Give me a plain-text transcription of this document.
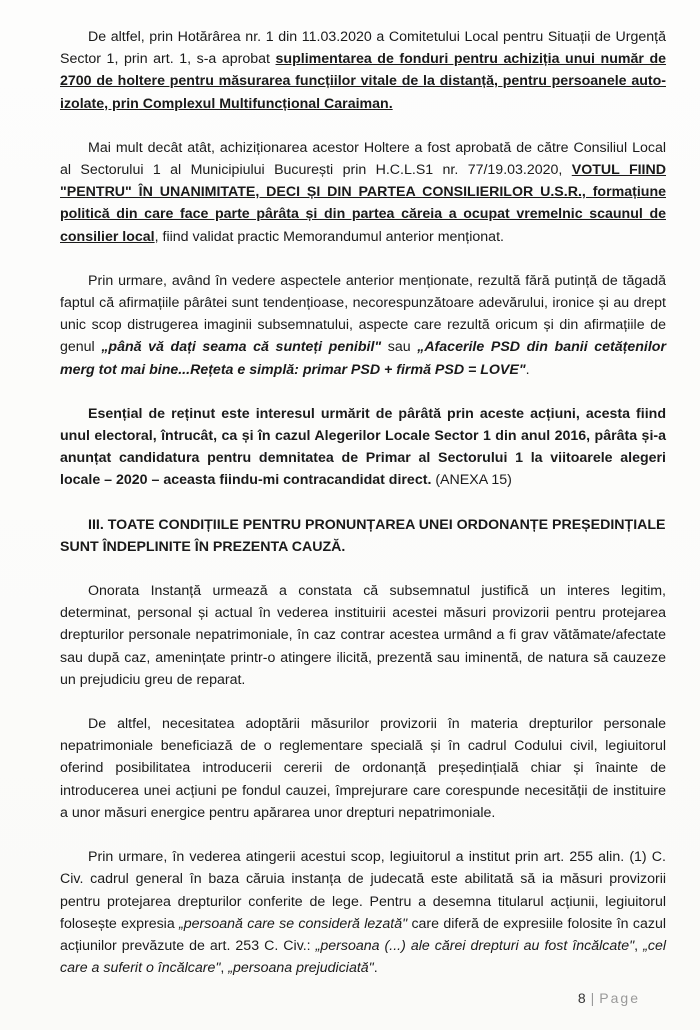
De altfel, prin Hotărârea nr. 1 din 11.03.2020 a Comitetului Local pentru Situații de Urgență Sector 1, prin art. 1, s-a aprobat suplimentarea de fonduri pentru achiziția unui număr de 2700 de holtere pentru măsurarea funcțiilor vitale de la distanță, pentru persoanele auto-izolate, prin Complexul Multifuncțional Caraiman.

Mai mult decât atât, achiziționarea acestor Holtere a fost aprobată de către Consiliul Local al Sectorului 1 al Municipiului București prin H.C.L.S1 nr. 77/19.03.2020, VOTUL FIIND "PENTRU" ÎN UNANIMITATE, DECI ȘI DIN PARTEA CONSILIERILOR U.S.R., formațiune politică din care face parte pârâta și din partea căreia a ocupat vremelnic scaunul de consilier local, fiind validat practic Memorandumul anterior menționat.

Prin urmare, având în vedere aspectele anterior menționate, rezultă fără putință de tăgadă faptul că afirmațiile pârâtei sunt tendențioase, necorespunzătoare adevărului, ironice și au drept unic scop distrugerea imaginii subsemnatului, aspecte care rezultă oricum și din afirmațiile de genul „până vă dați seama că sunteți penibil" sau „Afacerile PSD din banii cetățenilor merg tot mai bine...Rețeta e simplă: primar PSD + firmă PSD = LOVE".

Esențial de reținut este interesul urmărit de pârâtă prin aceste acțiuni, acesta fiind unul electoral, întrucât, ca și în cazul Alegerilor Locale Sector 1 din anul 2016, pârâta și-a anunțat candidatura pentru demnitatea de Primar al Sectorului 1 la viitoarele alegeri locale – 2020 – aceasta fiindu-mi contracandidat direct. (ANEXA 15)

III. TOATE CONDIȚIILE PENTRU PRONUNȚAREA UNEI ORDONANȚE PREȘEDINȚIALE SUNT ÎNDEPLINITE ÎN PREZENTA CAUZĂ.

Onorata Instanță urmează a constata că subsemnatul justifică un interes legitim, determinat, personal și actual în vederea instituirii acestei măsuri provizorii pentru protejarea drepturilor personale nepatrimoniale, în caz contrar acestea urmând a fi grav vătămate/afectate sau după caz, amenințate printr-o atingere ilicită, prezentă sau iminentă, de natura să cauzeze un prejudiciu greu de reparat.

De altfel, necesitatea adoptării măsurilor provizorii în materia drepturilor personale nepatrimoniale beneficiază de o reglementare specială și în cadrul Codului civil, legiuitorul oferind posibilitatea introducerii cererii de ordonanță președințială chiar și înainte de introducerea unei acțiuni pe fondul cauzei, împrejurare care corespunde necesității de instituire a unor măsuri energice pentru apărarea unor drepturi nepatrimoniale.

Prin urmare, în vederea atingerii acestui scop, legiuitorul a institut prin art. 255 alin. (1) C. Civ. cadrul general în baza căruia instanța de judecată este abilitată să ia măsuri provizorii pentru protejarea drepturilor conferite de lege. Pentru a desemna titularul acțiunii, legiuitorul folosește expresia „persoană care se consideră lezată" care diferă de expresiile folosite în cazul acțiunilor prevăzute de art. 253 C. Civ.: „persoana (...) ale cărei drepturi au fost încălcate", „cel care a suferit o încălcare", „persoana prejudiciată".

8 | Page
